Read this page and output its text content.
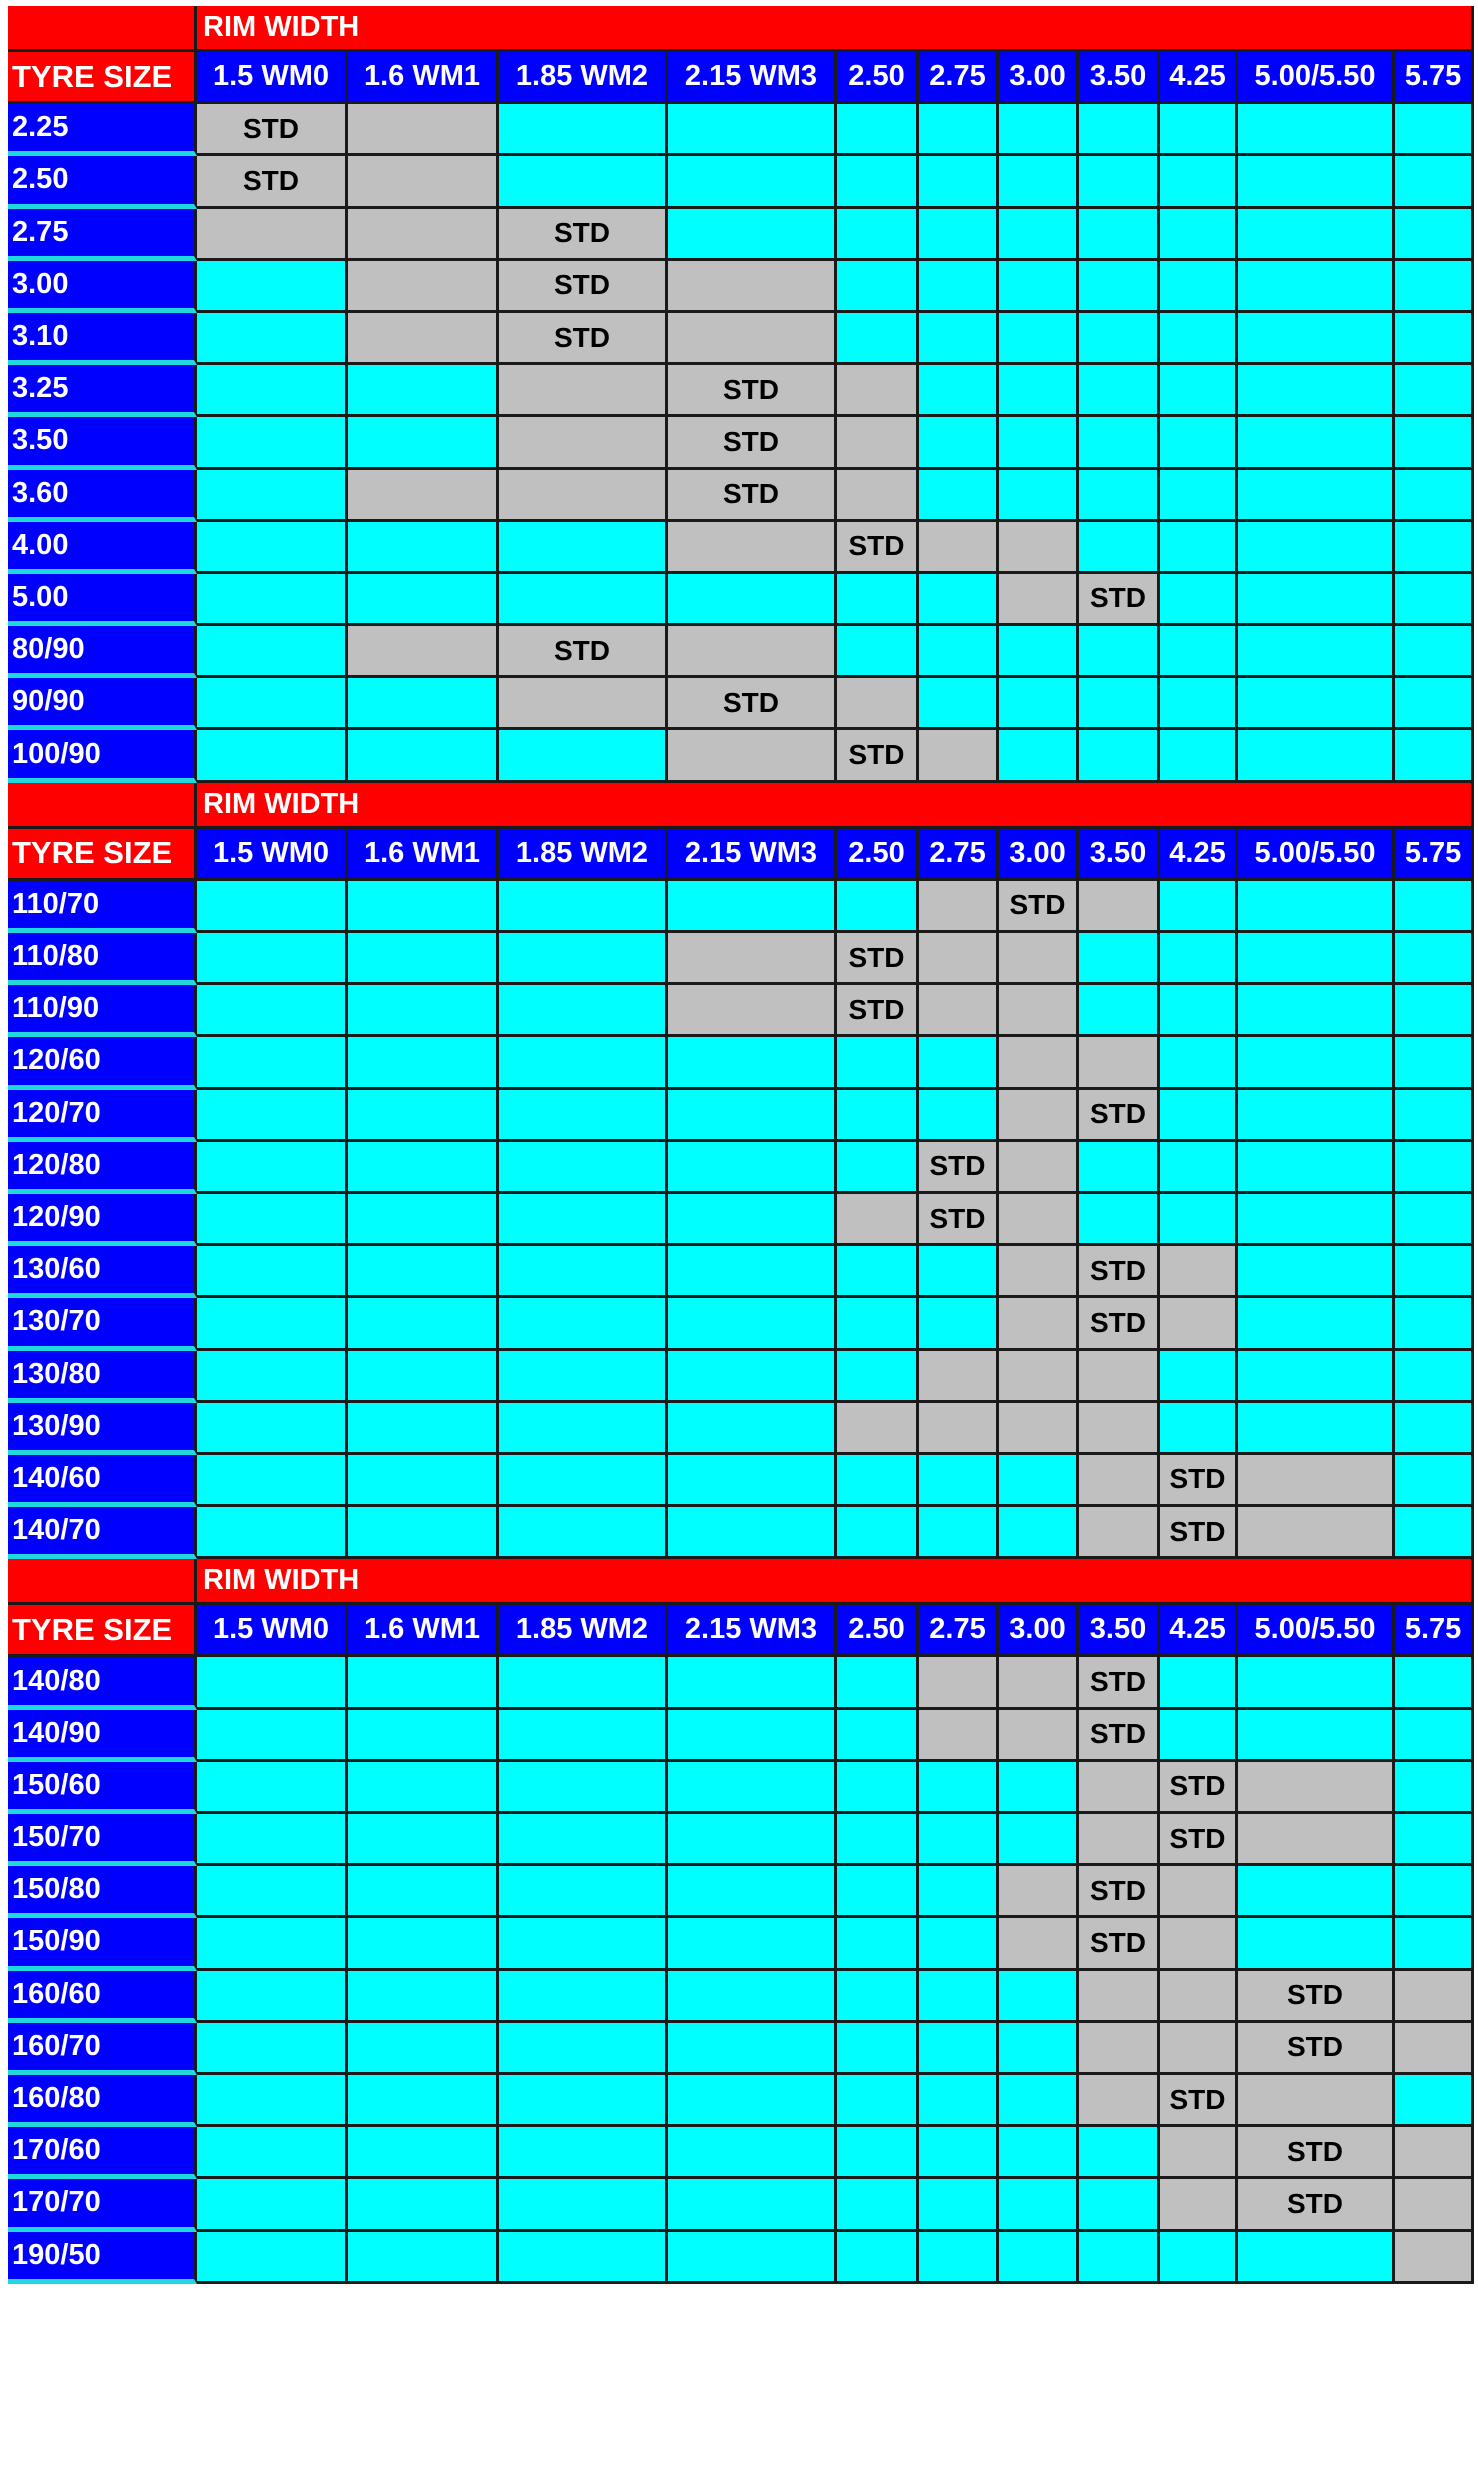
	RIM WIDTH										
TYRE SIZE	1.5 WM0	1.6 WM1	1.85 WM2	2.15 WM3	2.50	2.75	3.00	3.50	4.25	5.00/5.50	5.75
2.25	STD										
2.50	STD										
2.75			STD								
3.00			STD								
3.10			STD								
3.25				STD							
3.50				STD							
3.60				STD							
4.00					STD						
5.00								STD			
80/90			STD								
90/90				STD							
100/90					STD						
	RIM WIDTH										
TYRE SIZE	1.5 WM0	1.6 WM1	1.85 WM2	2.15 WM3	2.50	2.75	3.00	3.50	4.25	5.00/5.50	5.75
110/70							STD				
110/80					STD						
110/90					STD						
120/60											
120/70								STD			
120/80						STD					
120/90						STD					
130/60								STD			
130/70								STD			
130/80											
130/90											
140/60									STD		
140/70									STD		
	RIM WIDTH										
TYRE SIZE	1.5 WM0	1.6 WM1	1.85 WM2	2.15 WM3	2.50	2.75	3.00	3.50	4.25	5.00/5.50	5.75
140/80								STD			
140/90								STD			
150/60									STD		
150/70									STD		
150/80								STD			
150/90								STD			
160/60										STD	
160/70										STD	
160/80									STD		
170/60										STD	
170/70										STD	
190/50											
